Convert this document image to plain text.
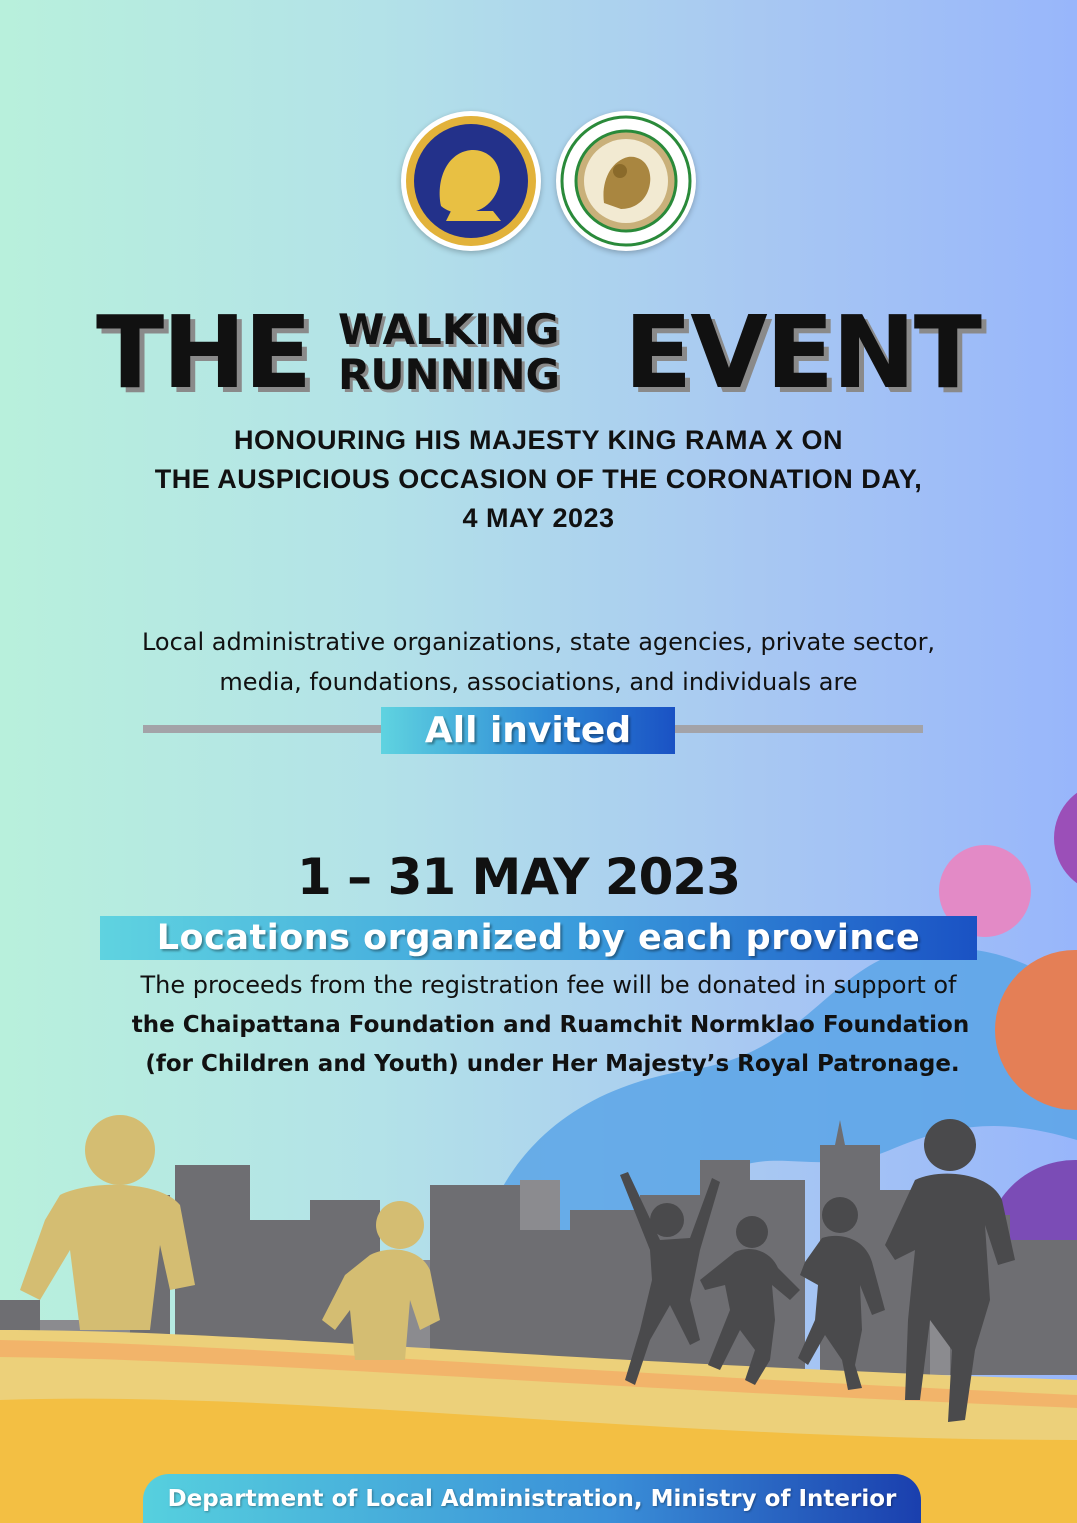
THE WALKING
RUNNING EVENT
HONOURING HIS MAJESTY KING RAMA X ON
THE AUSPICIOUS OCCASION OF THE CORONATION DAY,
4 MAY 2023
Local administrative organizations, state agencies, private sector,
media, foundations, associations, and individuals are
All invited
1 – 31 MAY 2023
Locations organized by each province
The proceeds from the registration fee will be donated in support of
the Chaipattana Foundation and Ruamchit Normklao Foundation
(for Children and Youth) under Her Majesty’s Royal Patronage.
Department of Local Administration, Ministry of Interior
